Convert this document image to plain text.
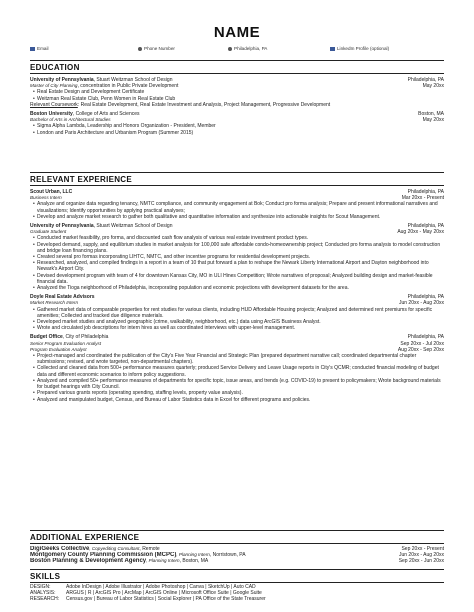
NAME
Email	Phone Number	Philadelphia, PA	LinkedIn Profile (optional)
EDUCATION
University of Pennsylvania, Stuart Weitzman School of Design	Philadelphia, PA
Master of City Planning, concentration in Public Private Development	May 20xx
• Real Estate Design and Development Certificate
• Weitzman Real Estate Club, Penn Women in Real Estate Club
Relevant Coursework: Real Estate Development, Real Estate Investment and Analysis, Project Management, Progressive Development
Boston University, College of Arts and Sciences	Boston, MA
Bachelor of Arts in Architectural Studies	May 20xx
• Sigma Alpha Lambda, Leadership and Honors Organization - President, Member
• London and Paris Architecture and Urbanism Program (Summer 2015)
RELEVANT EXPERIENCE
Scout Urban, LLC	Philadelphia, PA
Business Intern	Mar 20xx - Present
• Analyze and organize data regarding tenancy, NMTC compliance, and community engagement at Bok; Conduct pro forma analysis; Prepare and present informational narratives and visualizations; Identify opportunities by applying practical analyses;
• Develop and analyze market research to gather both qualitative and quantitative information and synthesize into actionable insights for Scout Management.
University of Pennsylvania, Stuart Weitzman School of Design	Philadelphia, PA
Graduate Student	Aug 20xx - May 20xx
• Conducted market feasibility, pro forma, and discounted cash flow analysis of various real estate investment product types.
• Developed demand, supply, and equilibrium studies in market analysis for 100,000 safe affordable condo-homeownership project; Conducted pro forma analysis to model construction and bridge loan financing plans.
• Created several pro formas incorporating LIHTC, NMTC, and other incentive programs for residential development projects.
• Researched, analyzed, and compiled findings in a report in a team of 10 that put forward a plan to reshape the Newark Liberty International Airport and Dayton neighborhood into Newark's Airport City.
• Devised development program with team of 4 for downtown Kansas City, MO in ULI Hines Competition; Wrote narratives of proposal; Analyzed building design and market-feasible financial data.
• Analyzed the Tioga neighborhood of Philadelphia, incorporating population and economic projections with development datasets for the area.
Doyle Real Estate Advisors	Philadelphia, PA
Market Research Intern	Jun 20xx - Aug 20xx
• Gathered market data of comparable properties for rent studies for various clients, including HUD Affordable Housing projects; Analyzed and determined rent premiums for specific amenities; Collected and tracked due diligence materials.
• Developed market studies and analyzed geographic (crime, walkability, neighborhood, etc.) data using ArcGIS Business Analyst.
• Wrote and circulated job descriptions for intern hires as well as coordinated interviews with upper-level management.
Budget Office, City of Philadelphia	Philadelphia, PA
Senior Program Evaluation Analyst	Sep 20xx - Jul 20xx
Program Evaluation Analyst	Aug 20xx - Sep 20xx
• Project-managed and coordinated the publication of the City's Five Year Financial and Strategic Plan (prepared department narrative call; coordinated departmental chapter submissions; revised, and wrote targeted, non-departmental chapters).
• Collected and cleaned data from 500+ performance measures quarterly; produced Service Delivery and Leave Usage reports in City's QCMR; conducted financial modeling of budget data and different economic scenarios to inform policy suggestions.
• Analyzed and compiled 50+ performance measures of departments for specific topic, issue areas, and trends (e.g. COVID-19) to present to policymakers; Wrote background materials for budget hearings with City Council.
• Prepared various grants reports (operating spending, staffing levels, property value analysis).
• Analyzed and manipulated budget, Census, and Bureau of Labor Statistics data in Excel for different programs and policies.
ADDITIONAL EXPERIENCE
DigiGeeks Collective, Copyediting Consultant, Remote	Sep 20xx - Present
Montgomery County Planning Commission (MCPC), Planning Intern, Norristown, PA	Jun 20xx - Aug 20xx
Boston Planning & Development Agency, Planning Intern, Boston, MA	Sep 20xx - Jun 20xx
SKILLS
DESIGN:	Adobe InDesign | Adobe Illustrator | Adobe Photoshop | Canva | SketchUp | Auto CAD
ANALYSIS: ARGUS | R | ArcGIS Pro | ArcMap | ArcGIS Online | Microsoft Office Suite | Google Suite
RESEARCH: Census.gov | Bureau of Labor Statistics | Social Explorer | PA Office of the State Treasurer
